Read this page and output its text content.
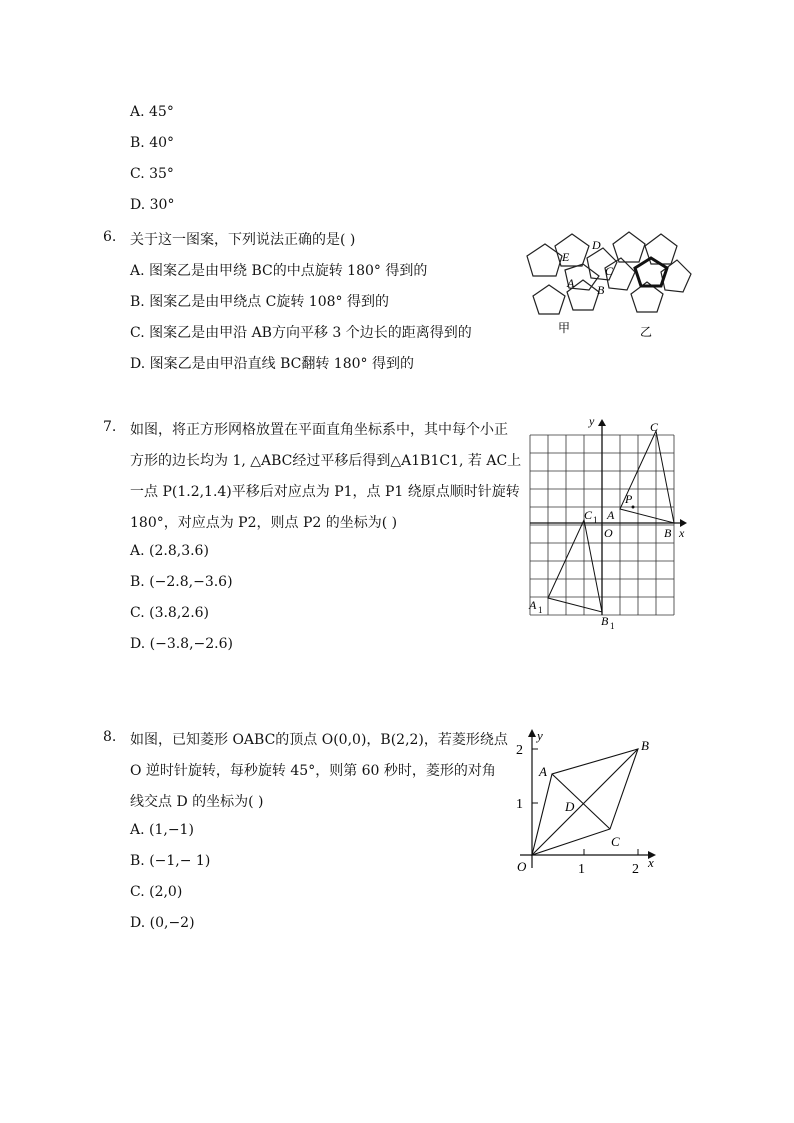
A. 45°
B. 40°
C. 35°
D. 30°
6. 关于这一图案，下列说法正确的是( )
A. 图案乙是由甲绕 BC的中点旋转 180° 得到的
B. 图案乙是由甲绕点 C旋转 108° 得到的
C. 图案乙是由甲沿 AB方向平移 3 个边长的距离得到的
D. 图案乙是由甲沿直线 BC翻转 180° 得到的
E
D
C
A B
甲	乙
7. 如图，将正方形网格放置在平面直角坐标系中，其中每个小正
方形的边长均为 1, △ABC经过平移后得到△A1B1C1, 若 AC上
一点 P(1.2,1.4)平移后对应点为 P1，点 P1 绕原点顺时针旋转
180°，对应点为 P2，则点 P2 的坐标为( )
A. (2.8,3.6)
B. (−2.8,−3.6)
C. (3.8,2.6)
D. (−3.8,−2.6)
y
x
O
A
B
C
P
A 1
B 1
C 1
8. 如图，已知菱形 OABC的顶点 O(0,0)，B(2,2)，若菱形绕点
O 逆时针旋转，每秒旋转 45°，则第 60 秒时，菱形的对角
线交点 D 的坐标为( )
A. (1,−1)
B. (−1,− 1)
C. (2,0)
D. (0,−2)
x
y
O	1	2
1
2
A
B
C
D
